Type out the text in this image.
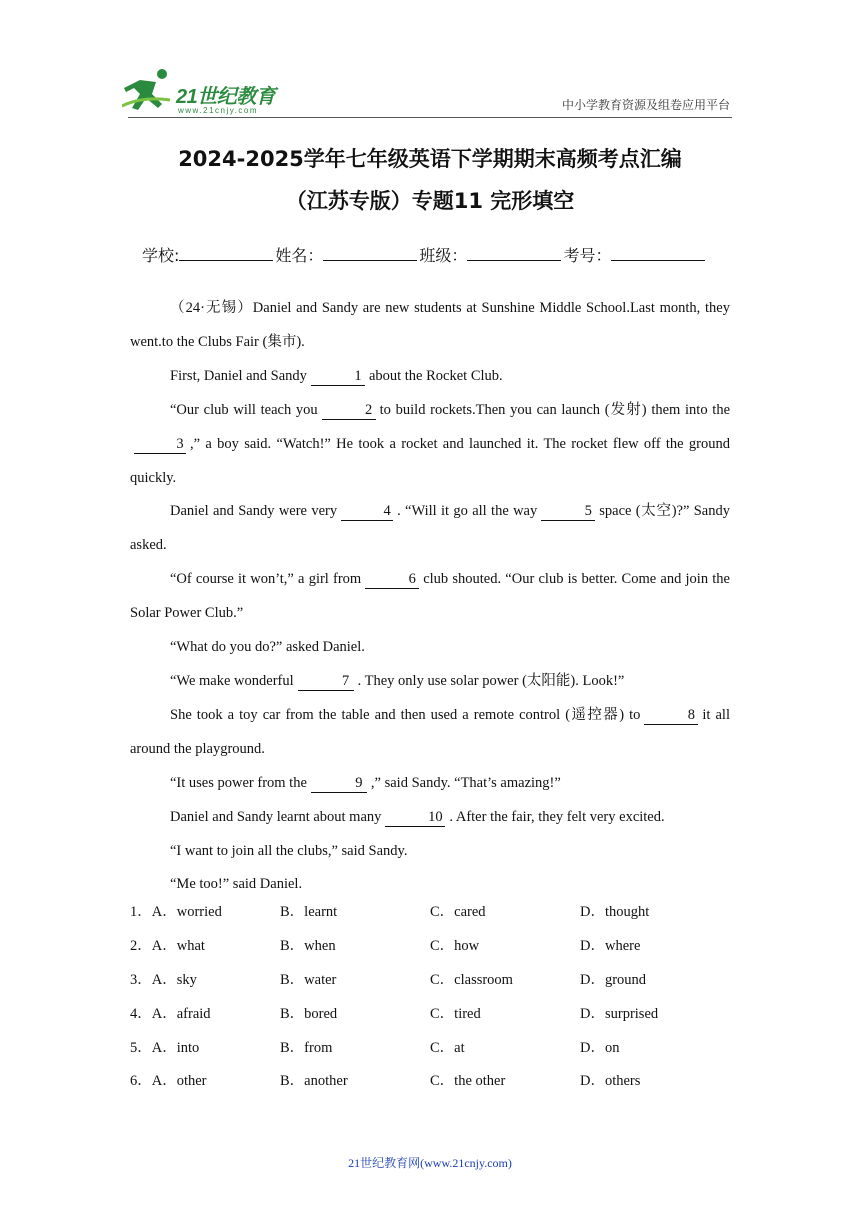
21世纪教育
www.21cnjy.com	中小学教育资源及组卷应用平台
2024-2025学年七年级英语下学期期末高频考点汇编
（江苏专版）专题11 完形填空
学校:	姓名：	班级：	考号：

（24·无锡）Daniel and Sandy are new students at Sunshine Middle School.Last month, they went.to the Clubs Fair (集市).

First, Daniel and Sandy	1 about the Rocket Club.

“Our club will teach you	2 to build rockets.Then you can launch (发射) them into the3 ,” a boy said. “Watch!” He took a rocket and launched it. The rocket flew off the ground quickly.

Daniel and Sandy were very	4 . “Will it go all the way	5 space (太空)?” Sandy asked.

“Of course it won’t,” a girl from	6 club shouted. “Our club is better. Come and join the Solar Power Club.”

“What do you do?” asked Daniel.

“We make wonderful	7 . They only use solar power (太阳能). Look!”

She took a toy car from the table and then used a remote control (遥控器) to	8 it all around the playground.

“It uses power from the	9 ,” said Sandy. “That’s amazing!”

Daniel and Sandy learnt about many	10 . After the fair, they felt very excited.

“I want to join all the clubs,” said Sandy.

“Me too!” said Daniel.

1．A．worried	B．learnt	C．cared	D．thought
2．A．what	B．when	C．how	D．where
3．A．sky	B．water	C．classroom	D．ground
4．A．afraid	B．bored	C．tired	D．surprised
5．A．into	B．from	C．at	D．on
6．A．other	B．another	C．the other	D．others
21世纪教育网(www.21cnjy.com)
